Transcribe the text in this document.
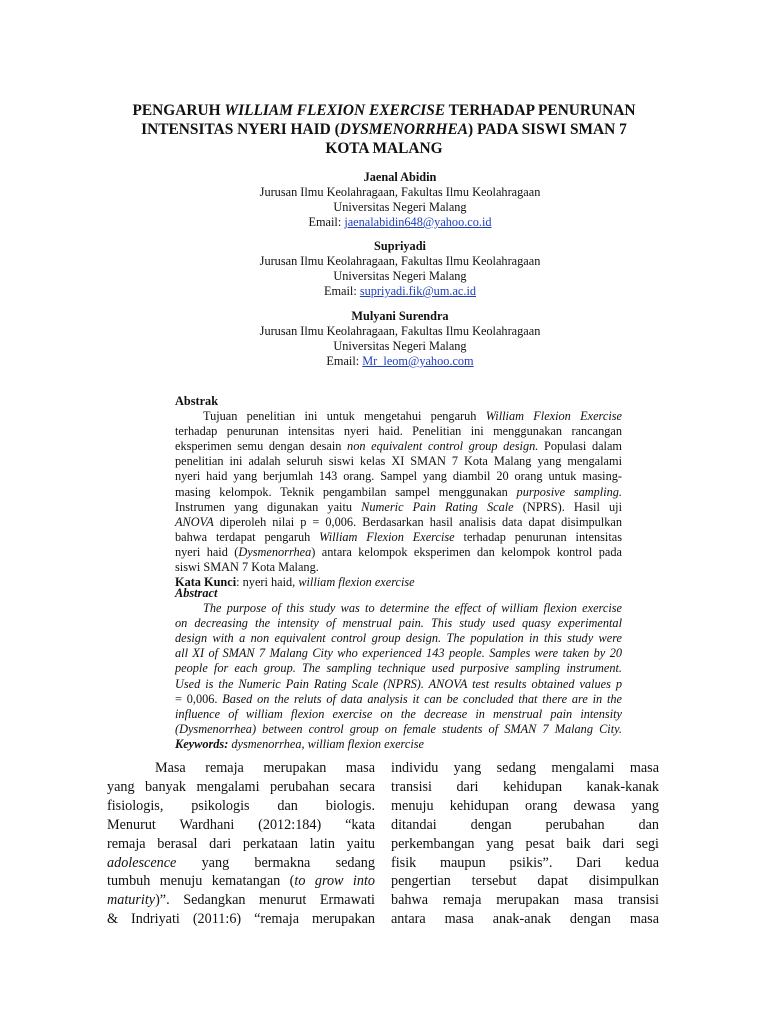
PENGARUH WILLIAM FLEXION EXERCISE TERHADAP PENURUNAN
INTENSITAS NYERI HAID (DYSMENORRHEA) PADA SISWI SMAN 7
KOTA MALANG
Jaenal Abidin
Jurusan Ilmu Keolahragaan, Fakultas Ilmu Keolahragaan
Universitas Negeri Malang
Email: jaenalabidin648@yahoo.co.id
Supriyadi
Jurusan Ilmu Keolahragaan, Fakultas Ilmu Keolahragaan
Universitas Negeri Malang
Email: supriyadi.fik@um.ac.id
Mulyani Surendra
Jurusan Ilmu Keolahragaan, Fakultas Ilmu Keolahragaan
Universitas Negeri Malang
Email: Mr_leom@yahoo.com
Abstrak
Tujuan penelitian ini untuk mengetahui pengaruh William Flexion Exercise
terhadap penurunan intensitas nyeri haid. Penelitian ini menggunakan rancangan
eksperimen semu dengan desain non equivalent control group design. Populasi dalam
penelitian ini adalah seluruh siswi kelas XI SMAN 7 Kota Malang yang mengalami
nyeri haid yang berjumlah 143 orang. Sampel yang diambil 20 orang untuk masing-
masing kelompok. Teknik pengambilan sampel menggunakan purposive sampling.
Instrumen yang digunakan yaitu Numeric Pain Rating Scale (NPRS). Hasil uji
ANOVA diperoleh nilai p = 0,006. Berdasarkan hasil analisis data dapat disimpulkan
bahwa terdapat pengaruh William Flexion Exercise terhadap penurunan intensitas
nyeri haid (Dysmenorrhea) antara kelompok eksperimen dan kelompok kontrol pada
siswi SMAN 7 Kota Malang.
Kata Kunci: nyeri haid, william flexion exercise
Abstract
The purpose of this study was to determine the effect of william flexion exercise
on decreasing the intensity of menstrual pain. This study used quasy experimental
design with a non equivalent control group design. The population in this study were
all XI of SMAN 7 Malang City who experienced 143 people. Samples were taken by 20
people for each group. The sampling technique used purposive sampling instrument.
Used is the Numeric Pain Rating Scale (NPRS). ANOVA test results obtained values p
= 0,006. Based on the reluts of data analysis it can be concluded that there are in the
influence of william flexion exercise on the decrease in menstrual pain intensity
(Dysmenorrhea) between control group on female students of SMAN 7 Malang City.
Keywords: dysmenorrhea, william flexion exercise
Masa remaja merupakan masa
yang banyak mengalami perubahan secara
fisiologis, psikologis dan biologis.
Menurut Wardhani (2012:184) “kata
remaja berasal dari perkataan latin yaitu
adolescence yang bermakna sedang
tumbuh menuju kematangan (to grow into
maturity)”. Sedangkan menurut Ermawati
& Indriyati (2011:6) “remaja merupakan
individu yang sedang mengalami masa
transisi dari kehidupan kanak-kanak
menuju kehidupan orang dewasa yang
ditandai dengan perubahan dan
perkembangan yang pesat baik dari segi
fisik maupun psikis”. Dari kedua
pengertian tersebut dapat disimpulkan
bahwa remaja merupakan masa transisi
antara masa anak-anak dengan masa
